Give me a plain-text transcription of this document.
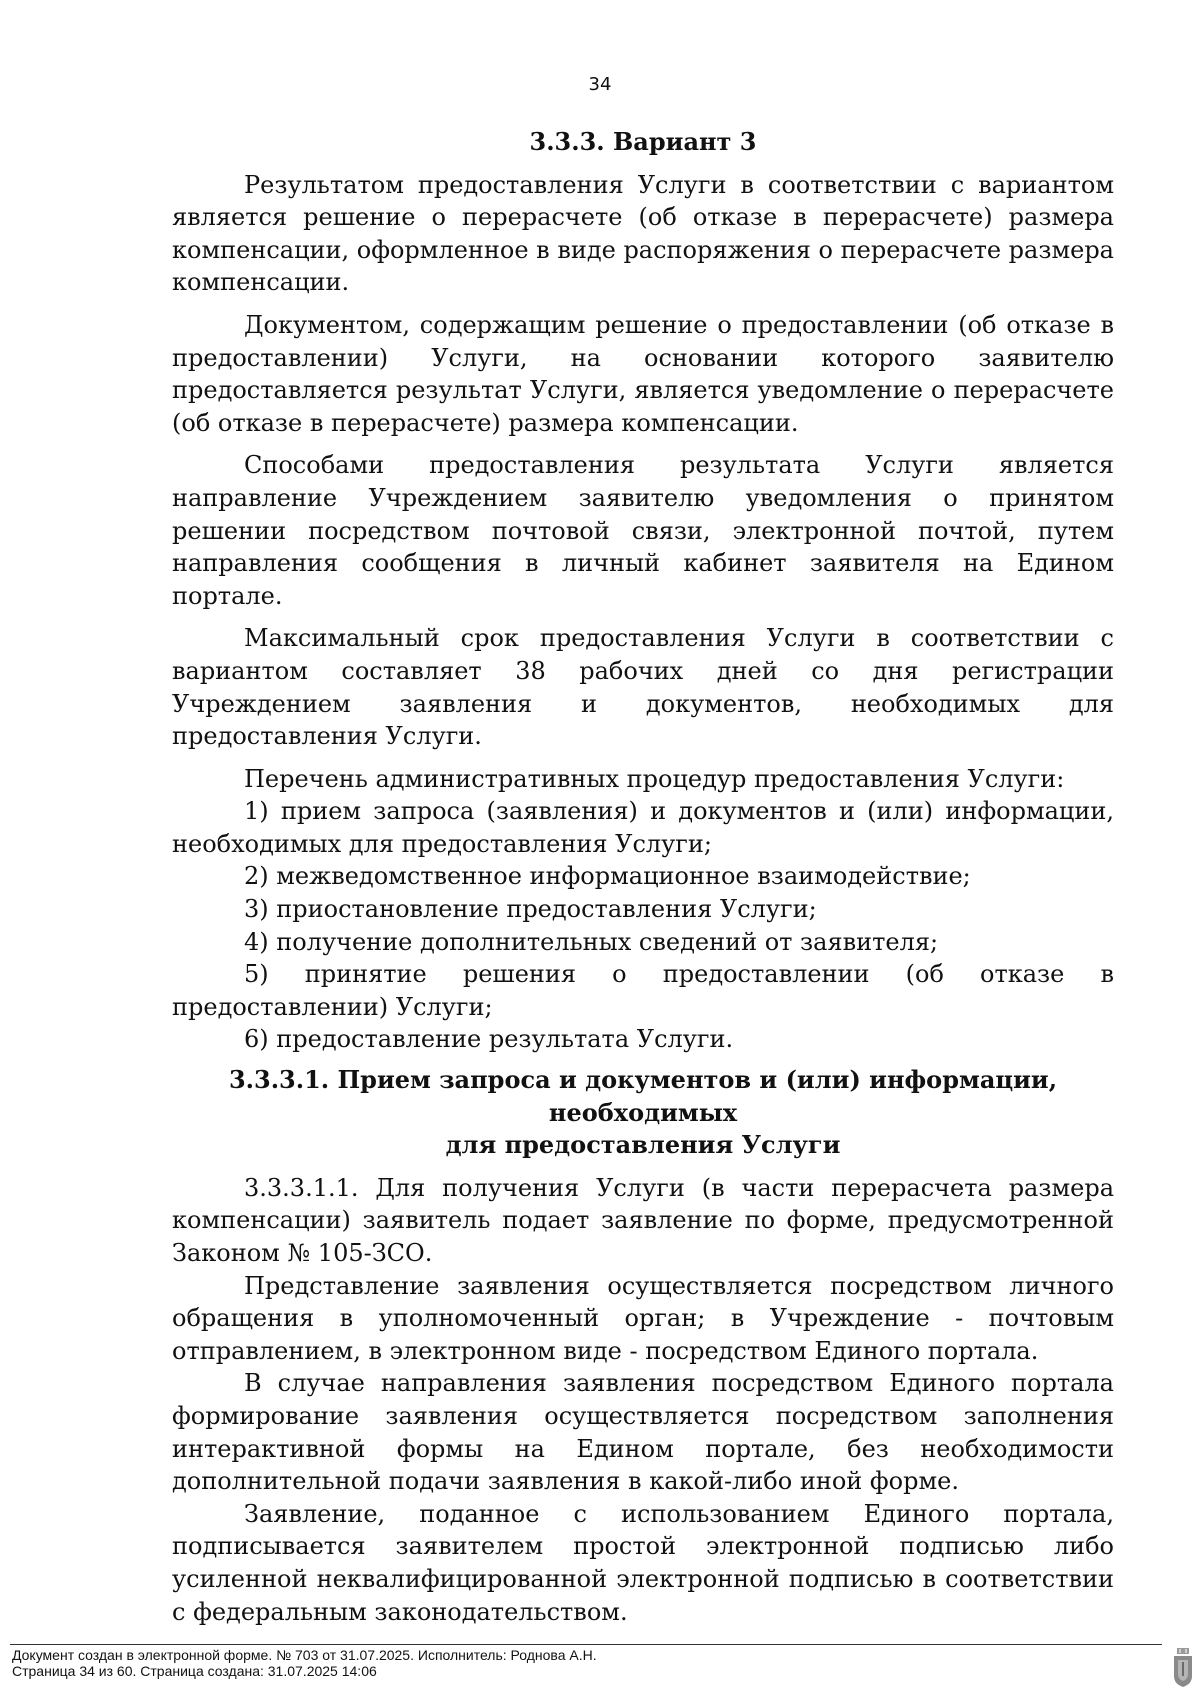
34
3.3.3. Вариант 3

Результатом предоставления Услуги в соответствии с вариантом является решение о перерасчете (об отказе в перерасчете) размера компенсации, оформленное в виде распоряжения о перерасчете размера компенсации.

Документом, содержащим решение о предоставлении (об отказе в предоставлении) Услуги, на основании которого заявителю предоставляется результат Услуги, является уведомление о перерасчете (об отказе в перерасчете) размера компенсации.

Способами предоставления результата Услуги является направление Учреждением заявителю уведомления о принятом решении посредством почтовой связи, электронной почтой, путем направления сообщения в личный кабинет заявителя на Едином портале.

Максимальный срок предоставления Услуги в соответствии с вариантом составляет 38 рабочих дней со дня регистрации Учреждением заявления и документов, необходимых для предоставления Услуги.

Перечень административных процедур предоставления Услуги:

1) прием запроса (заявления) и документов и (или) информации, необходимых для предоставления Услуги;

2) межведомственное информационное взаимодействие;

3) приостановление предоставления Услуги;

4) получение дополнительных сведений от заявителя;

5) принятие решения о предоставлении (об отказе в предоставлении) Услуги;

6) предоставление результата Услуги.

3.3.3.1. Прием запроса и документов и (или) информации, необходимых
для предоставления Услуги

3.3.3.1.1. Для получения Услуги (в части перерасчета размера компенсации) заявитель подает заявление по форме, предусмотренной Законом № 105-ЗСО.

Представление заявления осуществляется посредством личного обращения в уполномоченный орган; в Учреждение - почтовым отправлением, в электронном виде - посредством Единого портала.

В случае направления заявления посредством Единого портала формирование заявления осуществляется посредством заполнения интерактивной формы на Едином портале, без необходимости дополнительной подачи заявления в какой-либо иной форме.

Заявление, поданное с использованием Единого портала, подписывается заявителем простой электронной подписью либо усиленной неквалифицированной электронной подписью в соответствии с федеральным законодательством.

Документ создан в электронной форме. № 703 от 31.07.2025. Исполнитель: Роднова А.Н.
Страница 34 из 60. Страница создана: 31.07.2025 14:06
